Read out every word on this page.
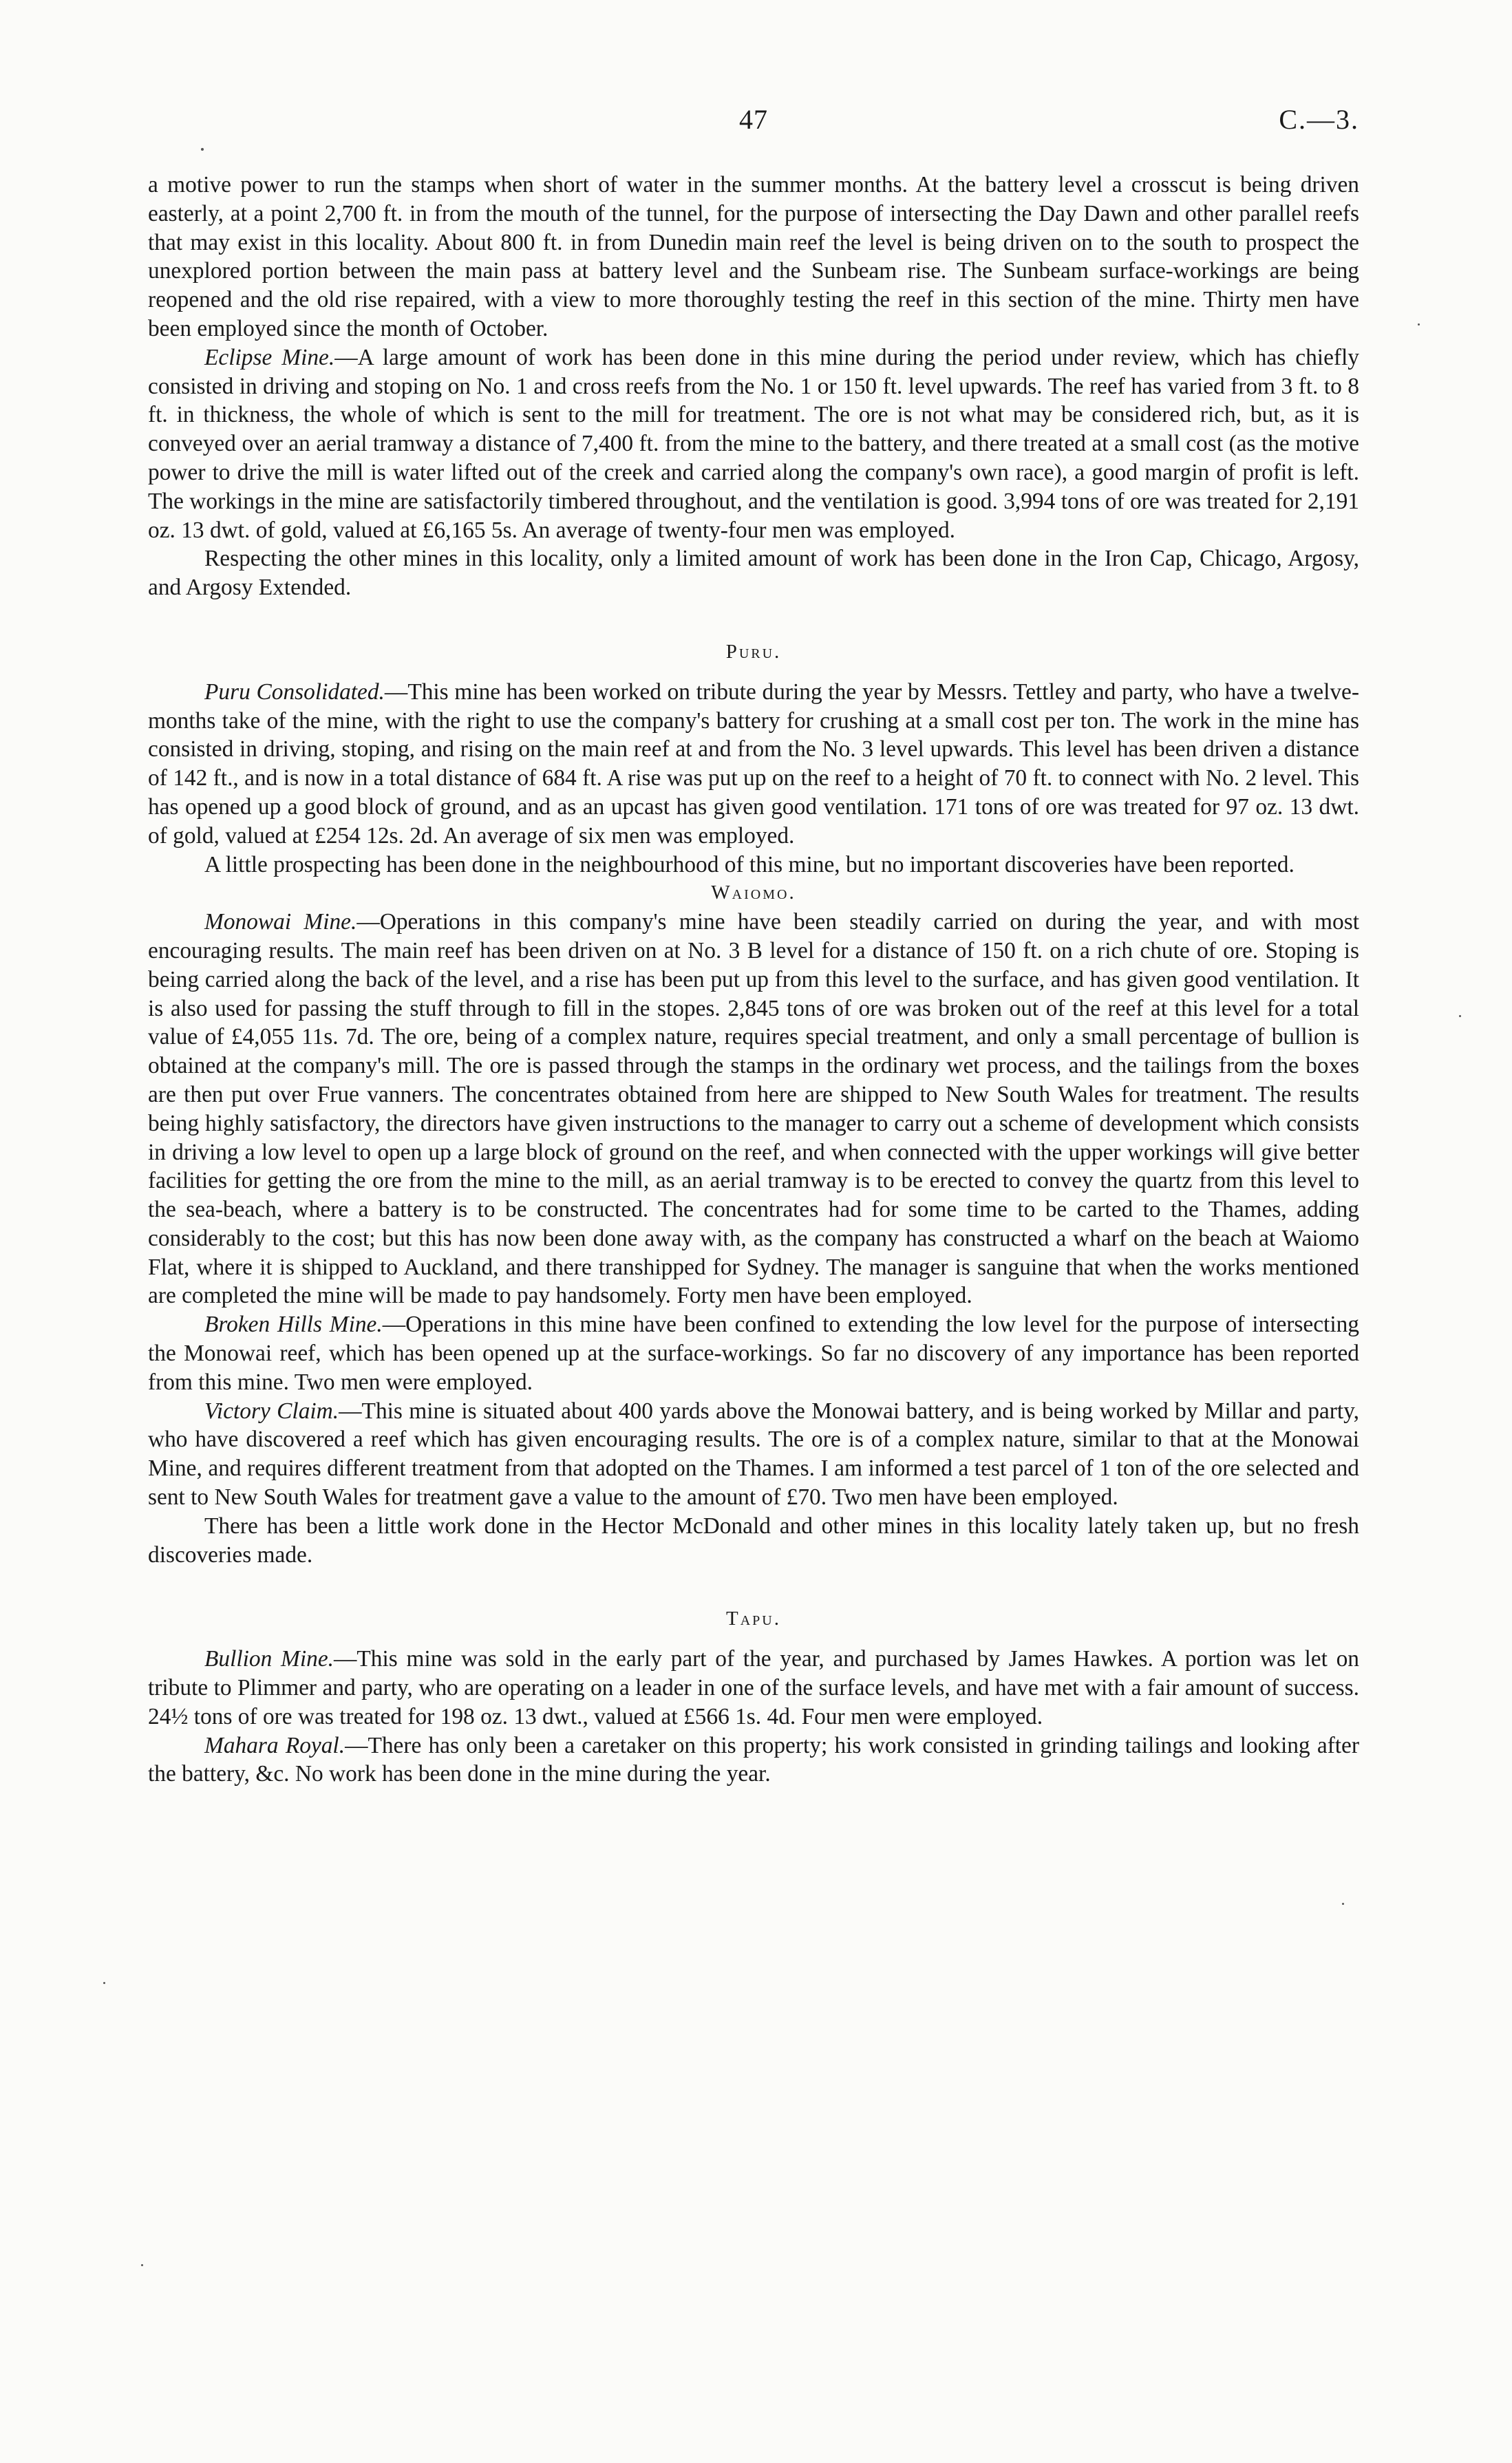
47	C.—3.

a motive power to run the stamps when short of water in the summer months. At the battery level a crosscut is being driven easterly, at a point 2,700 ft. in from the mouth of the tunnel, for the purpose of intersecting the Day Dawn and other parallel reefs that may exist in this locality. About 800 ft. in from Dunedin main reef the level is being driven on to the south to prospect the unexplored portion between the main pass at battery level and the Sunbeam rise. The Sunbeam surface-workings are being reopened and the old rise repaired, with a view to more thoroughly testing the reef in this section of the mine. Thirty men have been employed since the month of October.

Eclipse Mine.—A large amount of work has been done in this mine during the period under review, which has chiefly consisted in driving and stoping on No. 1 and cross reefs from the No. 1 or 150 ft. level upwards. The reef has varied from 3 ft. to 8 ft. in thickness, the whole of which is sent to the mill for treatment. The ore is not what may be considered rich, but, as it is conveyed over an aerial tramway a distance of 7,400 ft. from the mine to the battery, and there treated at a small cost (as the motive power to drive the mill is water lifted out of the creek and carried along the company's own race), a good margin of profit is left. The workings in the mine are satisfactorily timbered throughout, and the ventilation is good. 3,994 tons of ore was treated for 2,191 oz. 13 dwt. of gold, valued at £6,165 5s. An average of twenty-four men was employed.

Respecting the other mines in this locality, only a limited amount of work has been done in the Iron Cap, Chicago, Argosy, and Argosy Extended.

Puru.

Puru Consolidated.—This mine has been worked on tribute during the year by Messrs. Tettley and party, who have a twelve-months take of the mine, with the right to use the company's battery for crushing at a small cost per ton. The work in the mine has consisted in driving, stoping, and rising on the main reef at and from the No. 3 level upwards. This level has been driven a distance of 142 ft., and is now in a total distance of 684 ft. A rise was put up on the reef to a height of 70 ft. to connect with No. 2 level. This has opened up a good block of ground, and as an upcast has given good ventilation. 171 tons of ore was treated for 97 oz. 13 dwt. of gold, valued at £254 12s. 2d. An average of six men was employed.

A little prospecting has been done in the neighbourhood of this mine, but no important discoveries have been reported.

Waiomo.

Monowai Mine.—Operations in this company's mine have been steadily carried on during the year, and with most encouraging results. The main reef has been driven on at No. 3 B level for a distance of 150 ft. on a rich chute of ore. Stoping is being carried along the back of the level, and a rise has been put up from this level to the surface, and has given good ventilation. It is also used for passing the stuff through to fill in the stopes. 2,845 tons of ore was broken out of the reef at this level for a total value of £4,055 11s. 7d. The ore, being of a complex nature, requires special treatment, and only a small percentage of bullion is obtained at the company's mill. The ore is passed through the stamps in the ordinary wet process, and the tailings from the boxes are then put over Frue vanners. The concentrates obtained from here are shipped to New South Wales for treatment. The results being highly satisfactory, the directors have given instructions to the manager to carry out a scheme of development which consists in driving a low level to open up a large block of ground on the reef, and when connected with the upper workings will give better facilities for getting the ore from the mine to the mill, as an aerial tramway is to be erected to convey the quartz from this level to the sea-beach, where a battery is to be constructed. The concentrates had for some time to be carted to the Thames, adding considerably to the cost; but this has now been done away with, as the company has constructed a wharf on the beach at Waiomo Flat, where it is shipped to Auckland, and there transhipped for Sydney. The manager is sanguine that when the works mentioned are completed the mine will be made to pay handsomely. Forty men have been employed.

Broken Hills Mine.—Operations in this mine have been confined to extending the low level for the purpose of intersecting the Monowai reef, which has been opened up at the surface-workings. So far no discovery of any importance has been reported from this mine. Two men were employed.

Victory Claim.—This mine is situated about 400 yards above the Monowai battery, and is being worked by Millar and party, who have discovered a reef which has given encouraging results. The ore is of a complex nature, similar to that at the Monowai Mine, and requires different treatment from that adopted on the Thames. I am informed a test parcel of 1 ton of the ore selected and sent to New South Wales for treatment gave a value to the amount of £70. Two men have been employed.

There has been a little work done in the Hector McDonald and other mines in this locality lately taken up, but no fresh discoveries made.

Tapu.

Bullion Mine.—This mine was sold in the early part of the year, and purchased by James Hawkes. A portion was let on tribute to Plimmer and party, who are operating on a leader in one of the surface levels, and have met with a fair amount of success. 24½ tons of ore was treated for 198 oz. 13 dwt., valued at £566 1s. 4d. Four men were employed.

Mahara Royal.—There has only been a caretaker on this property; his work consisted in grinding tailings and looking after the battery, &c. No work has been done in the mine during the year.
